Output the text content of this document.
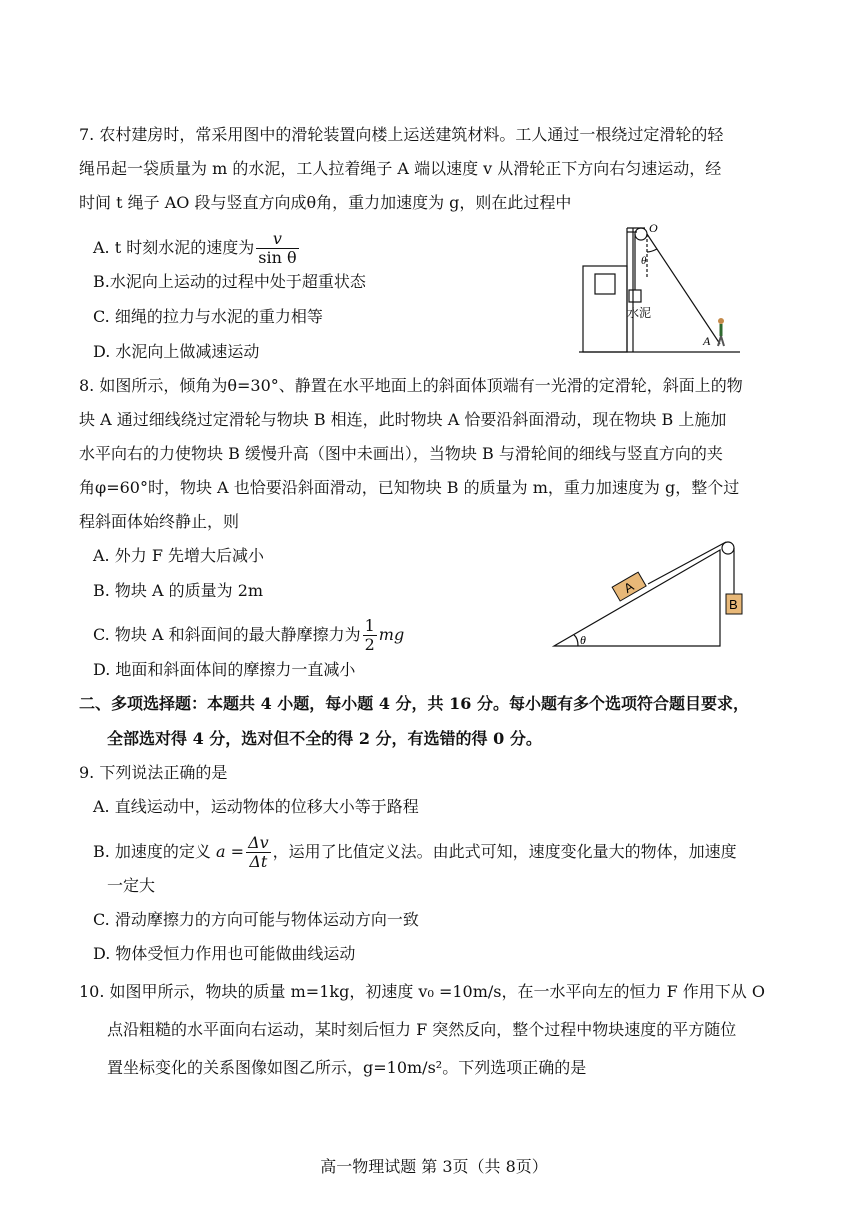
7. 农村建房时，常采用图中的滑轮装置向楼上运送建筑材料。工人通过一根绕过定滑轮的轻
绳吊起一袋质量为 m 的水泥，工人拉着绳子 A 端以速度 v 从滑轮正下方向右匀速运动，经
时间 t 绳子 AO 段与竖直方向成θ角，重力加速度为 g，则在此过程中
A. t 时刻水泥的速度为 $\frac{v}{\text{sin θ}}$
B.水泥向上运动的过程中处于超重状态
C. 细绳的拉力与水泥的重力相等
D. 水泥向上做减速运动
O
θ
水泥
A
8. 如图所示，倾角为θ=30°、静置在水平地面上的斜面体顶端有一光滑的定滑轮，斜面上的物
块 A 通过细线绕过定滑轮与物块 B 相连，此时物块 A 恰要沿斜面滑动，现在物块 B 上施加
水平向右的力使物块 B 缓慢升高（图中未画出），当物块 B 与滑轮间的细线与竖直方向的夹
角φ=60°时，物块 A 也恰要沿斜面滑动，已知物块 B 的质量为 m，重力加速度为 g，整个过
程斜面体始终静止，则
A. 外力 F 先增大后减小
B. 物块 A 的质量为 2m
C. 物块 A 和斜面间的最大静摩擦力为 $\frac{1}{2}$ mg
D. 地面和斜面体间的摩擦力一直减小
A
B
θ
二、多项选择题：本题共 4 小题，每小题 4 分，共 16 分。每小题有多个选项符合题目要求，
全部选对得 4 分，选对但不全的得 2 分，有选错的得 0 分。
9. 下列说法正确的是
A. 直线运动中，运动物体的位移大小等于路程
B. 加速度的定义 $a = \frac{\Delta v}{\Delta t}$ ，运用了比值定义法。由此式可知，速度变化量大的物体，加速度
一定大
C. 滑动摩擦力的方向可能与物体运动方向一致
D. 物体受恒力作用也可能做曲线运动
10. 如图甲所示，物块的质量 m=1kg，初速度 v₀ =10m/s，在一水平向左的恒力 F 作用下从 O
点沿粗糙的水平面向右运动，某时刻后恒力 F 突然反向，整个过程中物块速度的平方随位
置坐标变化的关系图像如图乙所示，g=10m/s²。下列选项正确的是
高一物理试题 第 3页（共 8页）
